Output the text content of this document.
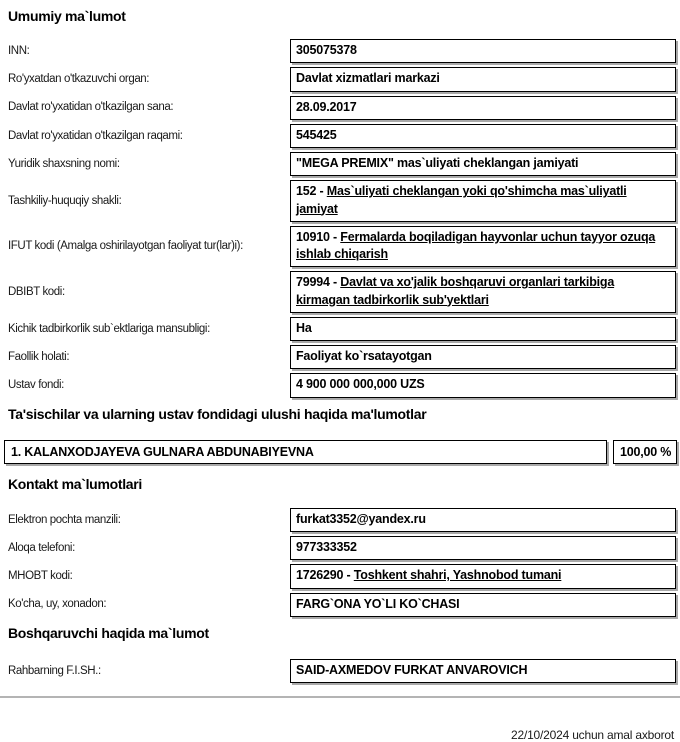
Umumiy ma`lumot
INN:	305075378
Ro'yxatdan o'tkazuvchi organ:	Davlat xizmatlari markazi
Davlat ro'yxatidan o'tkazilgan sana:	28.09.2017
Davlat ro'yxatidan o'tkazilgan raqami:	545425
Yuridik shaxsning nomi:	"MEGA PREMIX" mas`uliyati cheklangan jamiyati
Tashkiliy-huquqiy shakli:
152 - Mas`uliyati cheklangan yoki qo'shimcha mas`uliyatli jamiyat
IFUT kodi (Amalga oshirilayotgan faoliyat tur(lar)i):
10910 - Fermalarda boqiladigan hayvonlar uchun tayyor ozuqa ishlab chiqarish
DBIBT kodi:
79994 - Davlat va xo'jalik boshqaruvi organlari tarkibiga kirmagan tadbirkorlik sub'yektlari
Kichik tadbirkorlik sub`ektlariga mansubligi:	Ha
Faollik holati:	Faoliyat ko`rsatayotgan
Ustav fondi:	4 900 000 000,000 UZS
Ta'sischilar va ularning ustav fondidagi ulushi haqida ma'lumotlar
1. KALANXODJAYEVA GULNARA ABDUNABIYEVNA	100,00 %
Kontakt ma`lumotlari
Elektron pochta manzili:	furkat3352@yandex.ru
Aloqa telefoni:	977333352
MHOBT kodi:	1726290 - Toshkent shahri, Yashnobod tumani
Ko'cha, uy, xonadon:	FARG`ONA YO`LI KO`CHASI
Boshqaruvchi haqida ma`lumot
Rahbarning F.I.SH.:	SAID-AXMEDOV FURKAT ANVAROVICH
22/10/2024 uchun amal axborot
